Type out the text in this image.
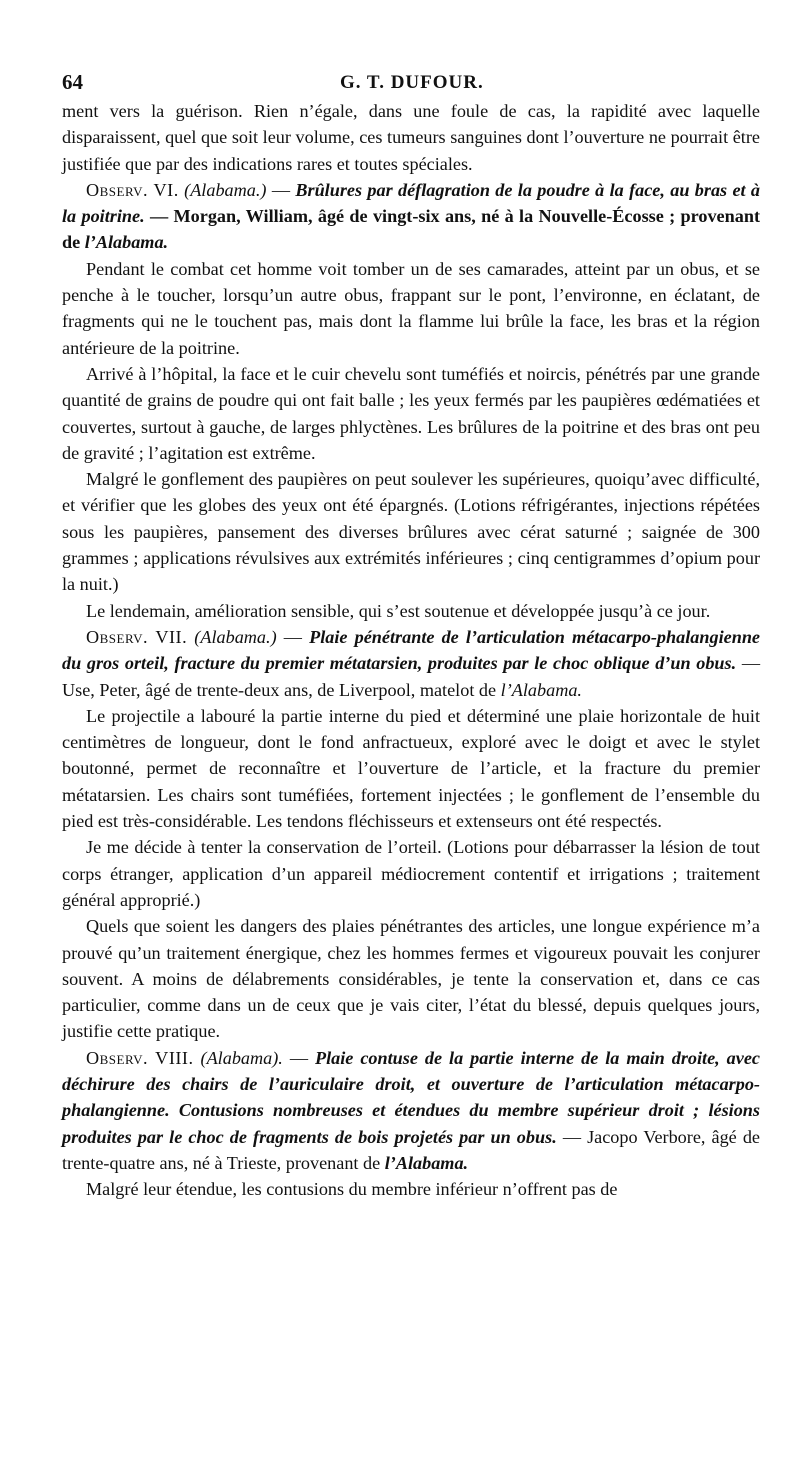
64	G. T. DUFOUR.

ment vers la guérison. Rien n’égale, dans une foule de cas, la rapidité avec laquelle disparaissent, quel que soit leur volume, ces tumeurs sanguines dont l’ouverture ne pourrait être justifiée que par des indications rares et toutes spéciales.

Observ. VI. (Alabama.) — Brûlures par déflagration de la poudre à la face, au bras et à la poitrine. — Morgan, William, âgé de vingt-six ans, né à la Nouvelle-Écosse ; provenant de l’Alabama.

Pendant le combat cet homme voit tomber un de ses camarades, atteint par un obus, et se penche à le toucher, lorsqu’un autre obus, frappant sur le pont, l’environne, en éclatant, de fragments qui ne le touchent pas, mais dont la flamme lui brûle la face, les bras et la région antérieure de la poitrine.

Arrivé à l’hôpital, la face et le cuir chevelu sont tuméfiés et noircis, pénétrés par une grande quantité de grains de poudre qui ont fait balle ; les yeux fermés par les paupières œdématiées et couvertes, surtout à gauche, de larges phlyctènes. Les brûlures de la poitrine et des bras ont peu de gravité ; l’agitation est extrême.

Malgré le gonflement des paupières on peut soulever les supérieures, quoiqu’avec difficulté, et vérifier que les globes des yeux ont été épargnés. (Lotions réfrigérantes, injections répétées sous les paupières, pansement des diverses brûlures avec cérat saturné ; saignée de 300 grammes ; applications révulsives aux extrémités inférieures ; cinq centigrammes d’opium pour la nuit.)

Le lendemain, amélioration sensible, qui s’est soutenue et développée jusqu’à ce jour.

Observ. VII. (Alabama.) — Plaie pénétrante de l’articulation métacarpo-phalangienne du gros orteil, fracture du premier métatarsien, produites par le choc oblique d’un obus. — Use, Peter, âgé de trente-deux ans, de Liverpool, matelot de l’Alabama.

Le projectile a labouré la partie interne du pied et déterminé une plaie horizontale de huit centimètres de longueur, dont le fond anfractueux, exploré avec le doigt et avec le stylet boutonné, permet de reconnaître et l’ouverture de l’article, et la fracture du premier métatarsien. Les chairs sont tuméfiées, fortement injectées ; le gonflement de l’ensemble du pied est très-considérable. Les tendons fléchisseurs et extenseurs ont été respectés.

Je me décide à tenter la conservation de l’orteil. (Lotions pour débarrasser la lésion de tout corps étranger, application d’un appareil médiocrement contentif et irrigations ; traitement général approprié.)

Quels que soient les dangers des plaies pénétrantes des articles, une longue expérience m’a prouvé qu’un traitement énergique, chez les hommes fermes et vigoureux pouvait les conjurer souvent. A moins de délabrements considérables, je tente la conservation et, dans ce cas particulier, comme dans un de ceux que je vais citer, l’état du blessé, depuis quelques jours, justifie cette pratique.

Observ. VIII. (Alabama). — Plaie contuse de la partie interne de la main droite, avec déchirure des chairs de l’auriculaire droit, et ouverture de l’articulation métacarpo-phalangienne. Contusions nombreuses et étendues du membre supérieur droit ; lésions produites par le choc de fragments de bois projetés par un obus. — Jacopo Verbore, âgé de trente-quatre ans, né à Trieste, provenant de l’Alabama.

Malgré leur étendue, les contusions du membre inférieur n’offrent pas de
